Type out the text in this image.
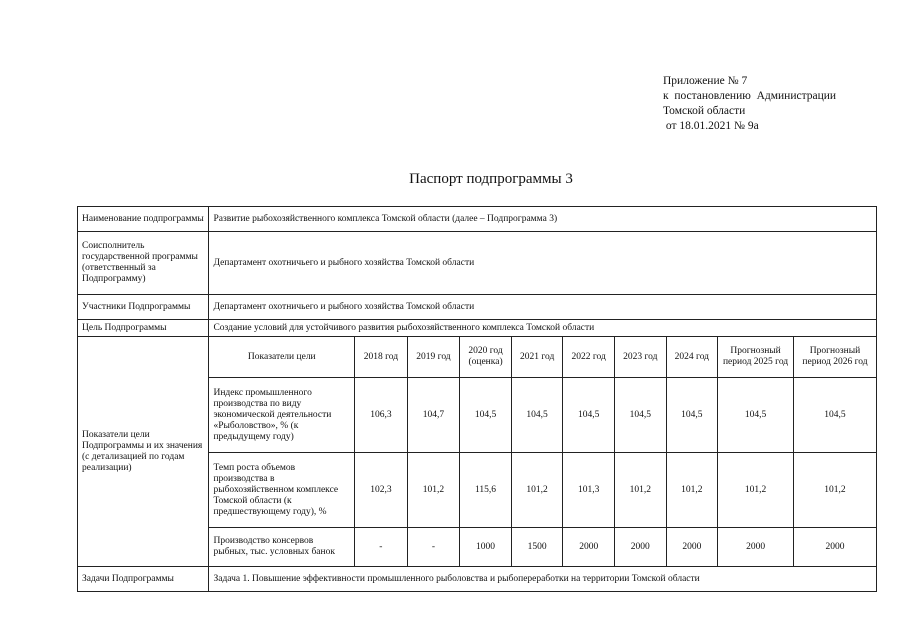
Приложение № 7
к  постановлению  Администрации
Томской области
от 18.01.2021 № 9а
Паспорт подпрограммы 3
Наименование подпрограммы	Развитие рыбохозяйственного комплекса Томской области (далее – Подпрограмма 3)									
Соисполнитель государственной программы (ответственный за Подпрограмму)	Департамент охотничьего и рыбного хозяйства Томской области									
Участники Подпрограммы	Департамент охотничьего и рыбного хозяйства Томской области									
Цель Подпрограммы	Создание условий для устойчивого развития рыбохозяйственного комплекса Томской области									
Показатели цели Подпрограммы и их значения (с детализацией по годам реализации)	Показатели цели	2018 год	2019 год	2020 год (оценка)	2021 год	2022 год	2023 год	2024 год	Прогнозный период 2025 год	Прогнозный период 2026 год
	Индекс промышленного производства по виду экономической деятельности «Рыболовство», % (к предыдущему году)	106,3	104,7	104,5	104,5	104,5	104,5	104,5	104,5	104,5
	Темп роста объемов производства в рыбохозяйственном комплексе Томской области (к предшествующему году), %	102,3	101,2	115,6	101,2	101,3	101,2	101,2	101,2	101,2
	Производство консервов рыбных, тыс. условных банок	-	-	1000	1500	2000	2000	2000	2000	2000
Задачи Подпрограммы	Задача 1. Повышение эффективности промышленного рыболовства и рыбопереработки на территории Томской области									
